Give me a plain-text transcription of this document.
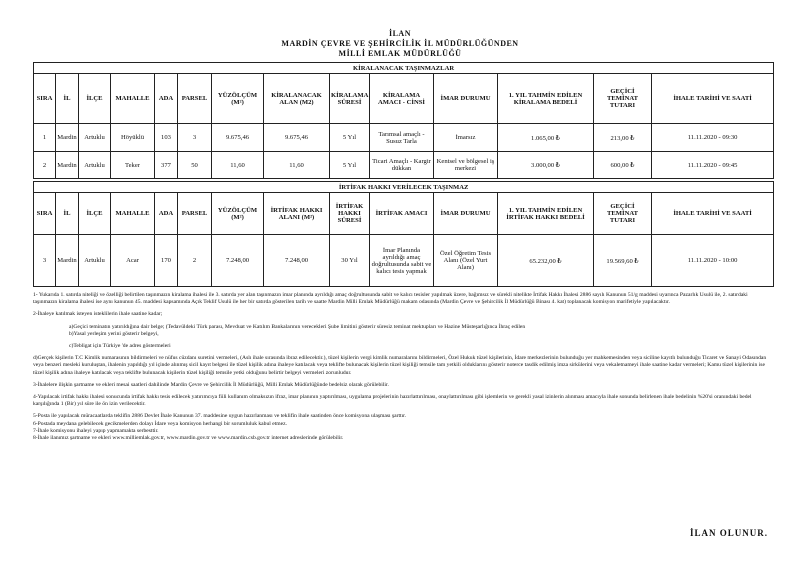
İLAN
MARDİN ÇEVRE VE ŞEHİRCİLİK İL MÜDÜRLÜĞÜNDEN
MİLLİ EMLAK MÜDÜRLÜĞÜ
KİRALANACAK TAŞINMAZLAR													
SIRA	İL	İLÇE	MAHALLE	ADA	PARSEL	YÜZÖLÇÜM (M²)	KİRALANACAK ALAN (M2)	KİRALAMA SÜRESİ	KİRALAMA AMACI - CİNSİ	İMAR DURUMU	1. YIL TAHMİN EDİLEN KİRALAMA BEDELİ	GEÇİCİ TEMİNAT TUTARI	İHALE TARİHİ VE SAATİ
1	Mardin	Artuklu	Höyüklü	103	3	9.675,46	9.675,46	5 Yıl	Tarımsal amaçlı - Susuz Tarla	İmarsız	1.065,00 ₺	213,00 ₺	11.11.2020 - 09:30
2	Mardin	Artuklu	Teker	377	50	11,60	11,60	5 Yıl	Ticari Amaçlı - Kargir dükkan	Kentsel ve bölgesel iş merkezi	3.000,00 ₺	600,00 ₺	11.11.2020 - 09:45
İRTİFAK HAKKI VERİLECEK TAŞINMAZ													
SIRA	İL	İLÇE	MAHALLE	ADA	PARSEL	YÜZÖLÇÜM (M²)	İRTİFAK HAKKI ALANI (M²)	İRTİFAK HAKKI SÜRESİ	İRTİFAK AMACI	İMAR DURUMU	1. YIL TAHMİN EDİLEN İRTİFAK HAKKI BEDELİ	GEÇİCİ TEMİNAT TUTARI	İHALE TARİHİ VE SAATİ
3	Mardin	Artuklu	Acar	170	2	7.248,00	7.248,00	30 Yıl	İmar Planında ayrıldığı amaç doğrultusunda sabit ve kalıcı tesis yapmak	Özel Öğretim Tesis Alanı (Özel Yurt Alanı)	65.232,00 ₺	19.569,60 ₺	11.11.2020 - 10:00

1- Yukarıda 1. satırda niteliği ve özelliği belirtilen taşınmazın kiralama ihalesi ile 3. satırda yer alan taşınmazın imar planında ayrıldığı amaç doğrultusunda sabit ve kalıcı tesisler yapılmak üzere, bağımsız ve sürekli nitelikte İrtifak Hakkı İhalesi 2886 sayılı Kanunun 51/g maddesi uyarınca Pazarlık Usulü ile, 2. satırdaki taşınmazın kiralama ihalesi ise aynı kanunun 45. maddesi kapsamında Açık Teklif Usulü ile her bir satırda gösterilen tarih ve saatte Mardin Milli Emlak Müdürlüğü makam odasında (Mardin Çevre ve Şehircilik İl Müdürlüğü Binası 4. kat) toplanacak komisyon marifetiyle yapılacaktır.

2-İhaleye katılmak isteyen isteklilerin ihale saatine kadar;

a)Geçici teminatın yatırıldığına dair belge; (Tedavüldeki Türk parası, Mevduat ve Katılım Bankalarının verecekleri Şube limitini gösterir süresiz teminat mektupları ve Hazine Müsteşarlığınca İhraç edilen

b)Yasal yerleşim yerini gösterir belgeyi,

c)Tebligat için Türkiye 'de adres göstermeleri

d)Gerçek kişilerin T.C Kimlik numarasının bildirmeleri ve nüfus cüzdanı suretini vermeleri, (Aslı ihale sırasında ibraz edilecektir.), tüzel kişilerin vergi kimlik numaralarını bildirmeleri, Özel Hukuk tüzel kişilerinin, İdare merkezlerinin bulunduğu yer mahkemesinden veya siciline kayıtlı bulunduğu Ticaret ve Sanayi Odasından veya benzeri mesleki kuruluştan, ihalenin yapıldığı yıl içinde alınmış sicil kayıt belgesi ile tüzel kişilik adına ihaleye katılacak veya teklifte bulunacak kişilerin tüzel kişiliği temsile tam yetkili olduklarını gösterir noterce tasdik edilmiş imza sirkülerini veya vekaletnameyi ihale saatine kadar vermeleri; Kamu tüzel kişilerinin ise tüzel kişilik adına ihaleye katılacak veya teklifte bulunacak kişilerin tüzel kişiliği temsile yetki olduğunu belirtir belgeyi vermeleri zorunludur.

3-İhalelere ilişkin şartname ve ekleri mesai saatleri dahilinde Mardin Çevre ve Şehircilik İl Müdürlüğü, Milli Emlak Müdürlüğünde bedelsiz olarak görülebilir.

4-Yapılacak irtifak hakkı ihalesi sonucunda irtifak hakkı tesis edilecek yatırımcıya fiili kullanım olmaksızın ifraz, imar planının yaptırılması, uygulama projelerinin hazırlattırılması, onaylattırılması gibi işlemlerin ve gerekli yasal izinlerin alınması amacıyla ihale sonunda belirlenen ihale bedelinin %20'si oranındaki bedel karşılığında 1 (Bir) yıl süre ile ön izin verilecektir.

5-Posta ile yapılacak müracaatlarda teklifin 2886 Devlet İhale Kanunun 37. maddesine uygun hazırlanması ve teklifin ihale saatinden önce komisyona ulaşması şarttır.

6-Postada meydana gelebilecek gecikmelerden dolayı İdare veya komisyon herhangi bir sorumluluk kabul etmez.

7-İhale komisyonu ihaleyi yapıp yapmamakta serbesttir.

8-İhale ilanımız şartname ve ekleri www.milliemlak.gov.tr, www.mardin.gov.tr ve www.mardin.csb.gov.tr internet adreslerinde görülebilir.

İLAN OLUNUR.
